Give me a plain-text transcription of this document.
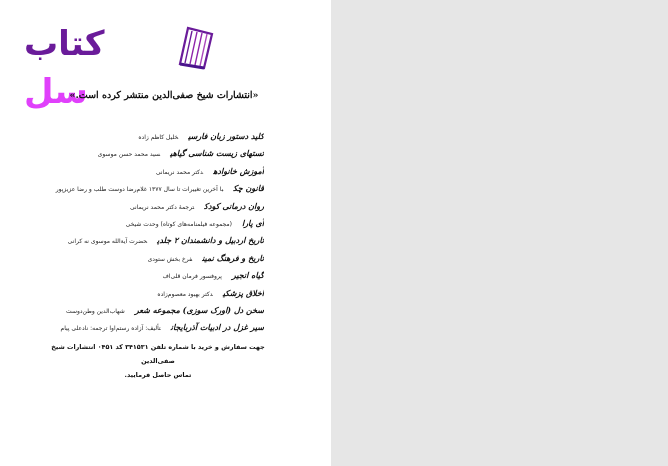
کتاب سل
«انتشارات شیخ صفی‌الدین منتشر کرده است.»
کلید دستور زبان فارسیخلیل کاظم زاده
تستهای زیست شناسی گیاهیسید محمد حسن موسوی
آموزش خانوادهدکتر محمد نریمانی
قانون چکبا آخرین تغییرات تا سال ۱۳۷۷ غلام‌رضا دوست طلب و رضا عزیزپور
روان درمانی کودکترجمهٔ دکتر محمد نریمانی
آی پارا(مجموعه فیلمنامه‌های کوتاه) وحدت شیخی
تاریخ اردبیل و دانشمندان ۲ جلدیحضرت آیةالله موسوی نه کرانی
تاریخ و فرهنگ نمینفرخ بخش ستودی
گیاه انجیرپروفسور فرمان قلی‌اف
اخلاق پزشکیدکتر بهبود معصوم‌زاده
سخن دل (اورک سوزی) مجموعه شعرشهاب‌الدین وطن‌دوست
سیر غزل در ادبیات آذربایجانتألیف: آزاده رستم‌اوا ترجمه: نادعلی پیام
جهت سفارش و خرید با شماره تلفن ۳۴۱۵۳۱ کد ۰۴۵۱ انتشارات شیخ صفی‌الدین
تماس حاصل فرمایید.
